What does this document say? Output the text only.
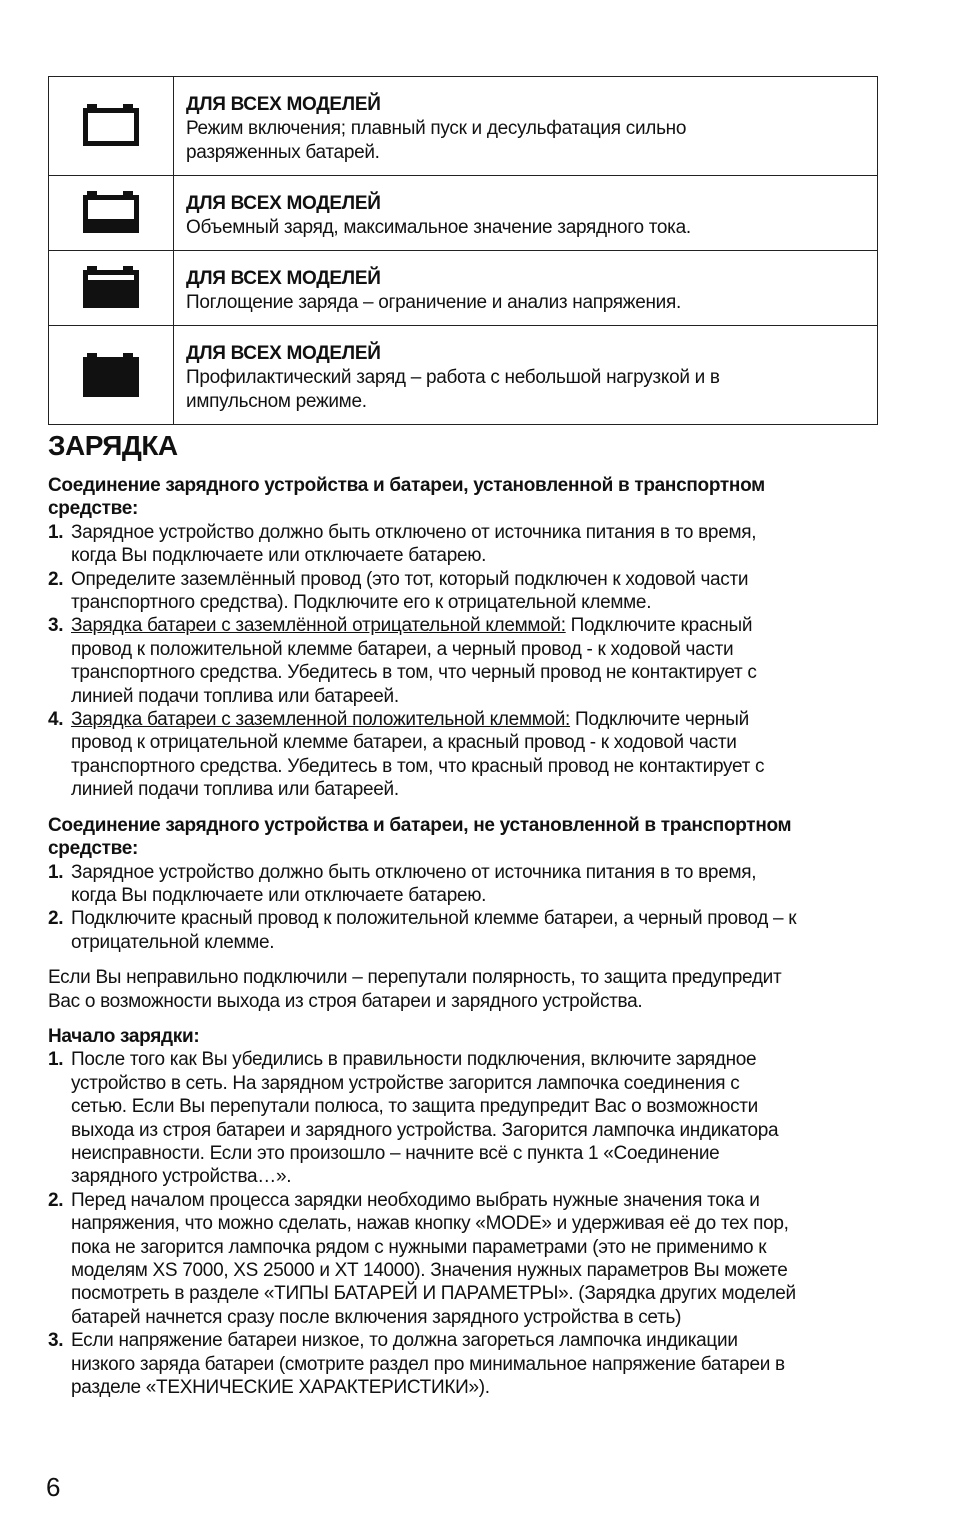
ДЛЯ ВСЕХ МОДЕЛЕЙ
Режим включения; плавный пуск и десульфатация сильно
разряженных батарей.

ДЛЯ ВСЕХ МОДЕЛЕЙ
Объемный заряд, максимальное значение зарядного тока.

ДЛЯ ВСЕХ МОДЕЛЕЙ
Поглощение заряда – ограничение и анализ напряжения.

ДЛЯ ВСЕХ МОДЕЛЕЙ
Профилактический заряд – работа с небольшой нагрузкой и в
импульсном режиме.
ЗАРЯДКА
Соединение зарядного устройства и батареи, установленной в транспортном
средстве:
1. Зарядное устройство должно быть отключено от источника питания в то время,
когда Вы подключаете или отключаете батарею.
2. Определите заземлённый провод (это тот, который подключен к ходовой части
транспортного средства). Подключите его к отрицательной клемме.
3. Зарядка батареи с заземлённой отрицательной клеммой: Подключите красный
провод к положительной клемме батареи, а черный провод - к ходовой части
транспортного средства. Убедитесь в том, что черный провод не контактирует с
линией подачи топлива или батареей.
4. Зарядка батареи с заземленной положительной клеммой: Подключите черный
провод к отрицательной клемме батареи, а красный провод - к ходовой части
транспортного средства. Убедитесь в том, что красный провод не контактирует с
линией подачи топлива или батареей.
Соединение зарядного устройства и батареи, не установленной в транспортном
средстве:
1. Зарядное устройство должно быть отключено от источника питания в то время,
когда Вы подключаете или отключаете батарею.
2. Подключите красный провод к положительной клемме батареи, а черный провод – к
отрицательной клемме.
Если Вы неправильно подключили – перепутали полярность, то защита предупредит
Вас о возможности выхода из строя батареи и зарядного устройства.
Начало зарядки:
1. После того как Вы убедились в правильности подключения, включите зарядное
устройство в сеть. На зарядном устройстве загорится лампочка соединения с
сетью. Если Вы перепутали полюса, то защита предупредит Вас о возможности
выхода из строя батареи и зарядного устройства. Загорится лампочка индикатора
неисправности. Если это произошло – начните всё с пункта 1 «Соединение
зарядного устройства…».
2. Перед началом процесса зарядки необходимо выбрать нужные значения тока и
напряжения, что можно сделать, нажав кнопку «MODE» и удерживая её до тех пор,
пока не загорится лампочка рядом с нужными параметрами (это не применимо к
моделям XS 7000, XS 25000 и XT 14000). Значения нужных параметров Вы можете
посмотреть в разделе «ТИПЫ БАТАРЕЙ И ПАРАМЕТРЫ». (Зарядка других моделей
батарей начнется сразу после включения зарядного устройства в сеть)
3. Если напряжение батареи низкое, то должна загореться лампочка индикации
низкого заряда батареи (смотрите раздел про минимальное напряжение батареи в
разделе «ТЕХНИЧЕСКИЕ ХАРАКТЕРИСТИКИ»).
6
